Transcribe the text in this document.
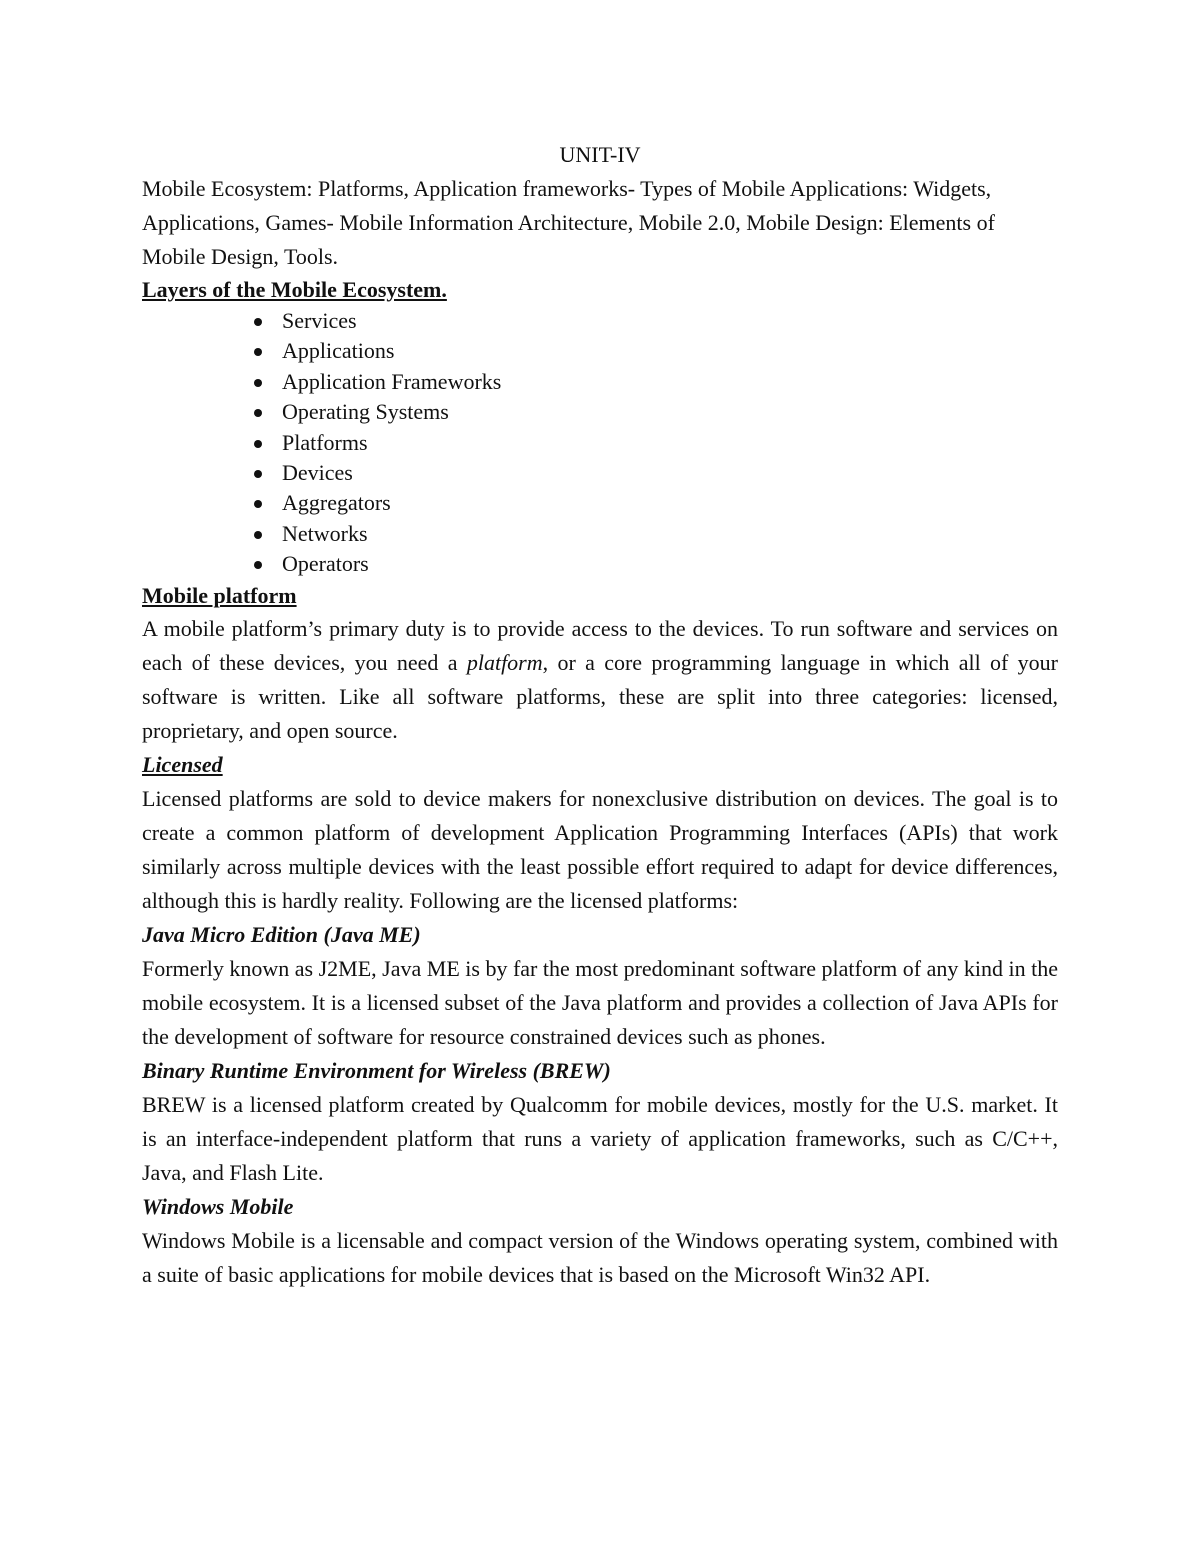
UNIT-IV

Mobile Ecosystem: Platforms, Application frameworks- Types of Mobile Applications: Widgets, Applications, Games- Mobile Information Architecture, Mobile 2.0, Mobile Design: Elements of Mobile Design, Tools.

Layers of the Mobile Ecosystem.

Services
Applications
Application Frameworks
Operating Systems
Platforms
Devices
Aggregators
Networks
Operators

Mobile platform

A mobile platform’s primary duty is to provide access to the devices. To run software and services on each of these devices, you need a platform, or a core programming language in which all of your software is written. Like all software platforms, these are split into three categories: licensed, proprietary, and open source.

Licensed

Licensed platforms are sold to device makers for nonexclusive distribution on devices. The goal is to create a common platform of development Application Programming Interfaces (APIs) that work similarly across multiple devices with the least possible effort required to adapt for device differences, although this is hardly reality. Following are the licensed platforms:

Java Micro Edition (Java ME)

Formerly known as J2ME, Java ME is by far the most predominant software platform of any kind in the mobile ecosystem. It is a licensed subset of the Java platform and provides a collection of Java APIs for the development of software for resource constrained devices such as phones.

Binary Runtime Environment for Wireless (BREW)

BREW is a licensed platform created by Qualcomm for mobile devices, mostly for the U.S. market. It is an interface-independent platform that runs a variety of application frameworks, such as C/C++, Java, and Flash Lite.

Windows Mobile

Windows Mobile is a licensable and compact version of the Windows operating system, combined with a suite of basic applications for mobile devices that is based on the Microsoft Win32 API.
